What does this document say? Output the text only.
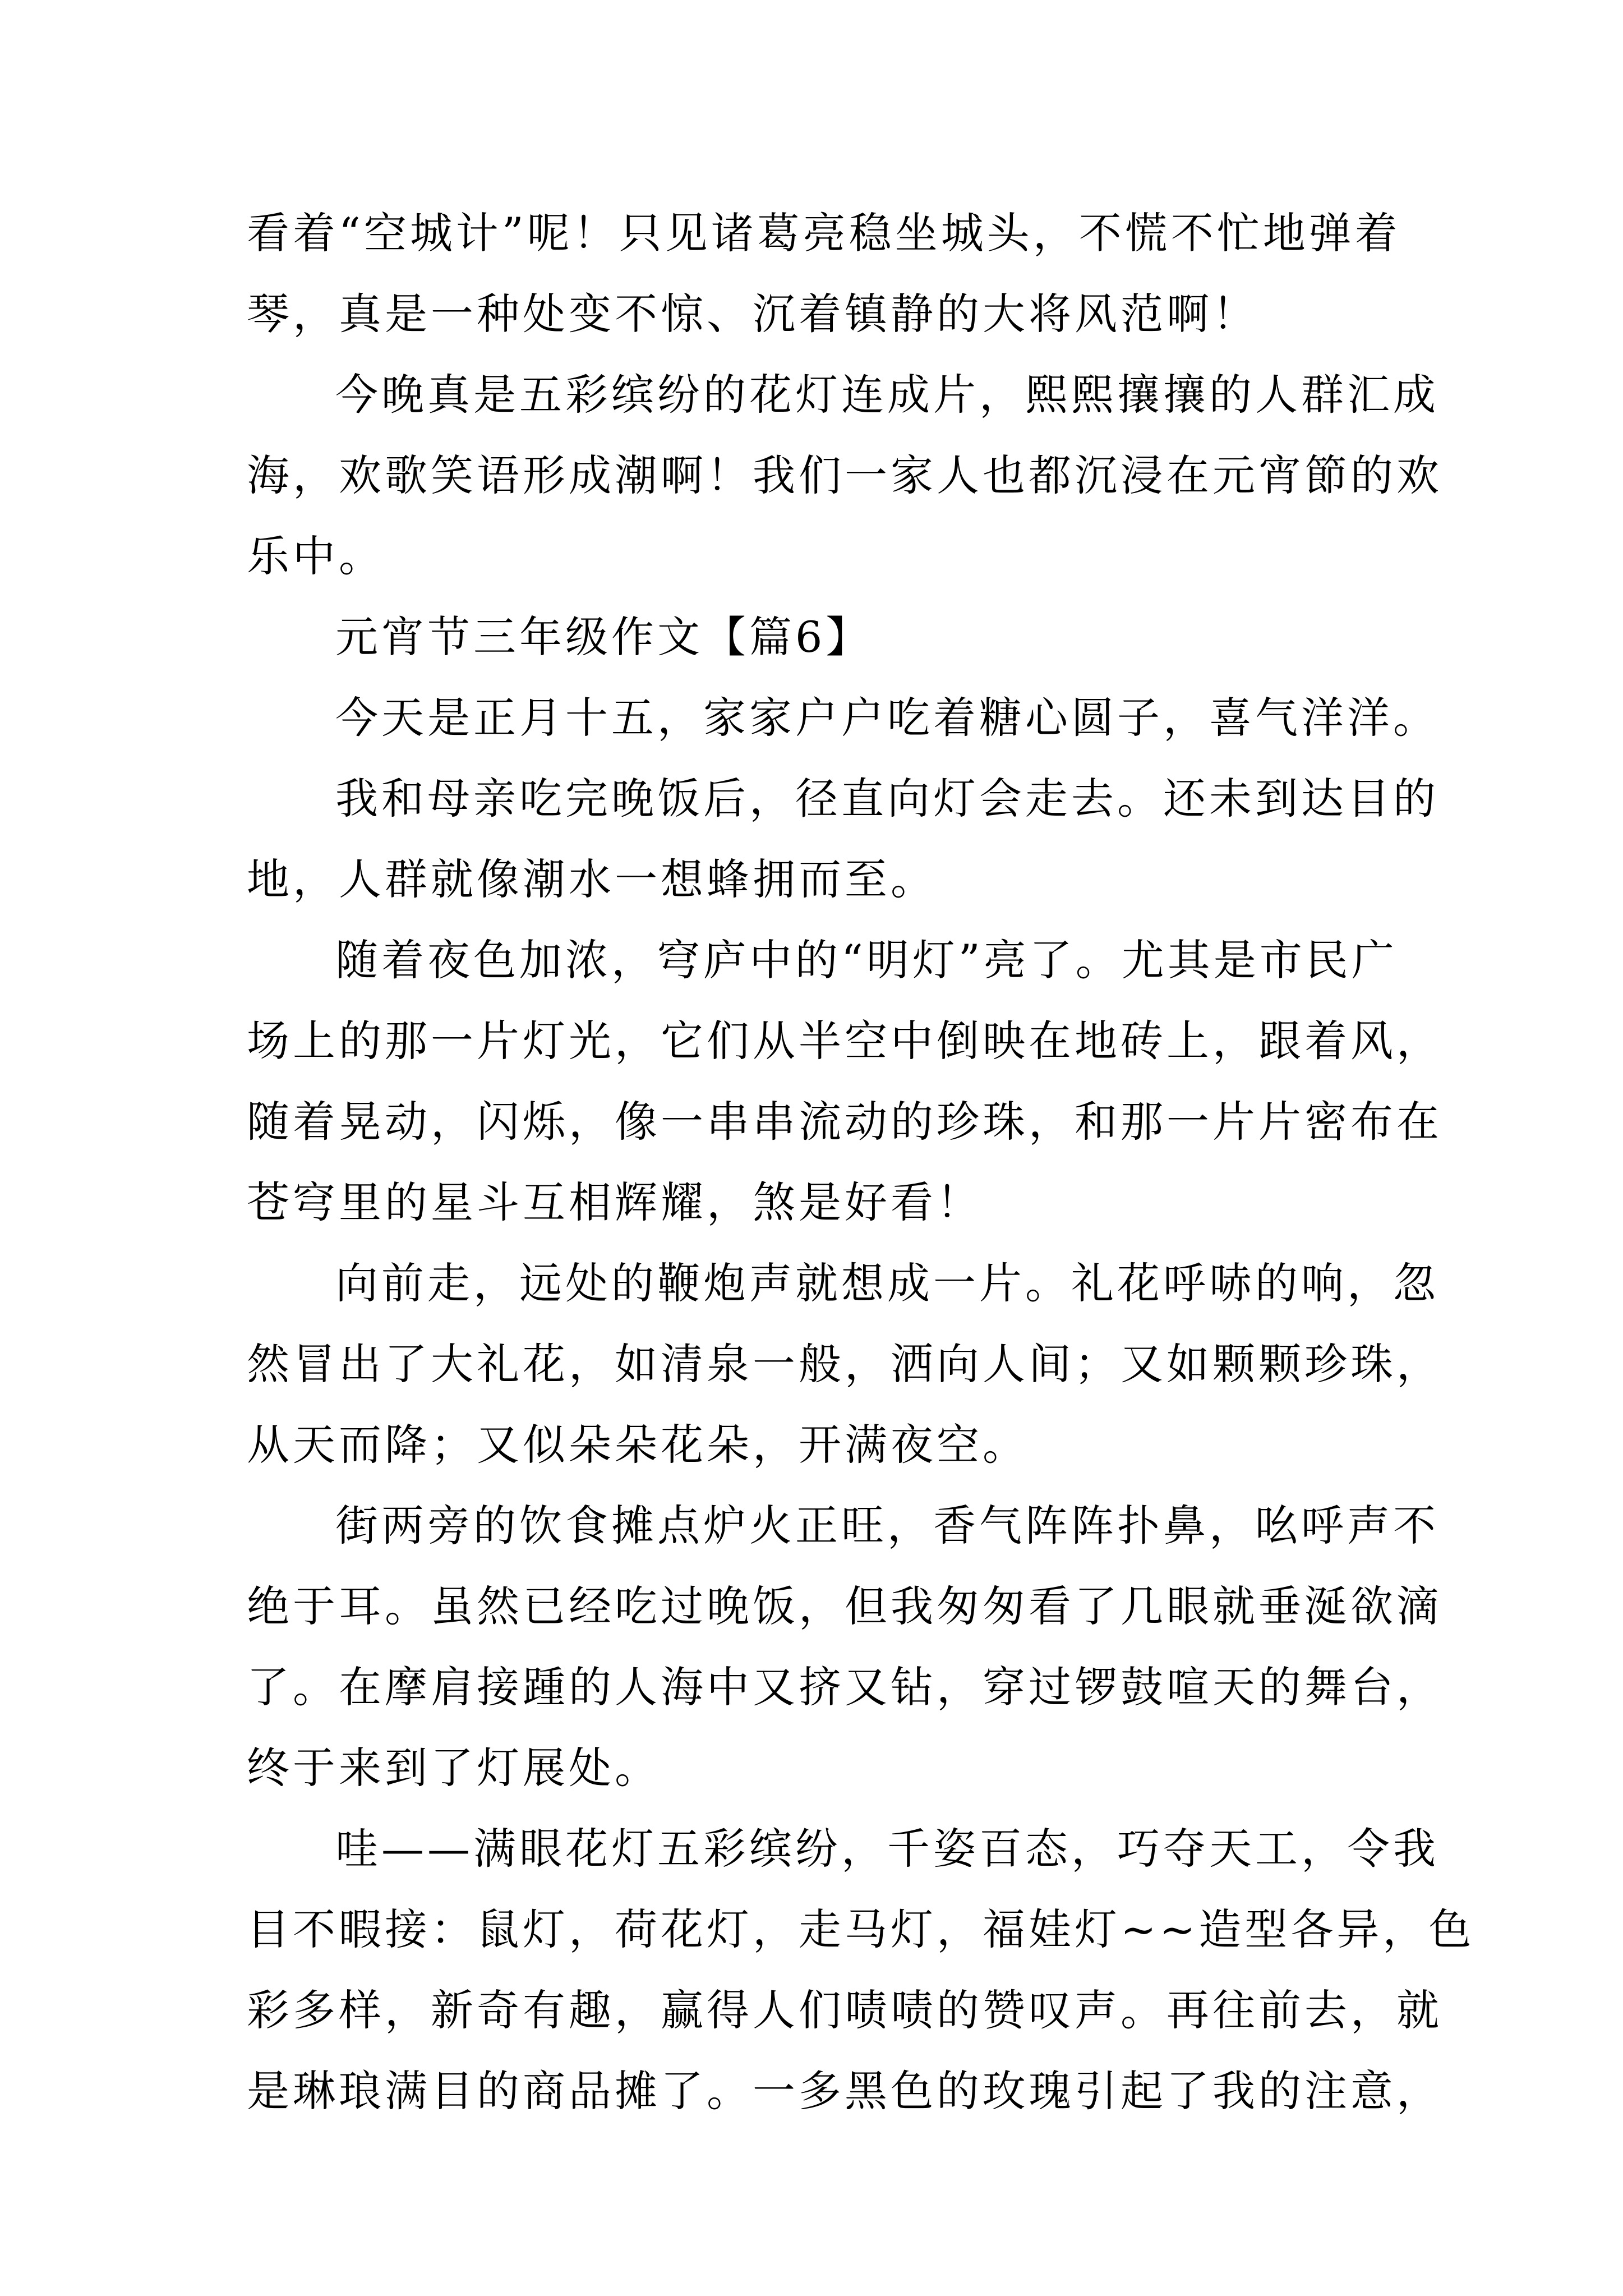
看着“空城计”呢！只见诸葛亮稳坐城头，不慌不忙地弹着
琴，真是一种处变不惊、沉着镇静的大将风范啊！
今晚真是五彩缤纷的花灯连成片，熙熙攘攘的人群汇成
海，欢歌笑语形成潮啊！我们一家人也都沉浸在元宵節的欢
乐中。
元宵节三年级作文【篇6】
今天是正月十五，家家户户吃着糖心圆子，喜气洋洋。
我和母亲吃完晚饭后，径直向灯会走去。还未到达目的
地，人群就像潮水一想蜂拥而至。
随着夜色加浓，穹庐中的“明灯”亮了。尤其是市民广
场上的那一片灯光，它们从半空中倒映在地砖上，跟着风，
随着晃动，闪烁，像一串串流动的珍珠，和那一片片密布在
苍穹里的星斗互相辉耀，煞是好看！
向前走，远处的鞭炮声就想成一片。礼花呼哧的响，忽
然冒出了大礼花，如清泉一般，洒向人间；又如颗颗珍珠，
从天而降；又似朵朵花朵，开满夜空。
街两旁的饮食摊点炉火正旺，香气阵阵扑鼻，吆呼声不
绝于耳。虽然已经吃过晚饭，但我匆匆看了几眼就垂涎欲滴
了。在摩肩接踵的人海中又挤又钻，穿过锣鼓喧天的舞台，
终于来到了灯展处。
哇——满眼花灯五彩缤纷，千姿百态，巧夺天工，令我
目不暇接：鼠灯，荷花灯，走马灯，福娃灯~~造型各异，色
彩多样，新奇有趣，赢得人们啧啧的赞叹声。再往前去，就
是琳琅满目的商品摊了。一多黑色的玫瑰引起了我的注意，
